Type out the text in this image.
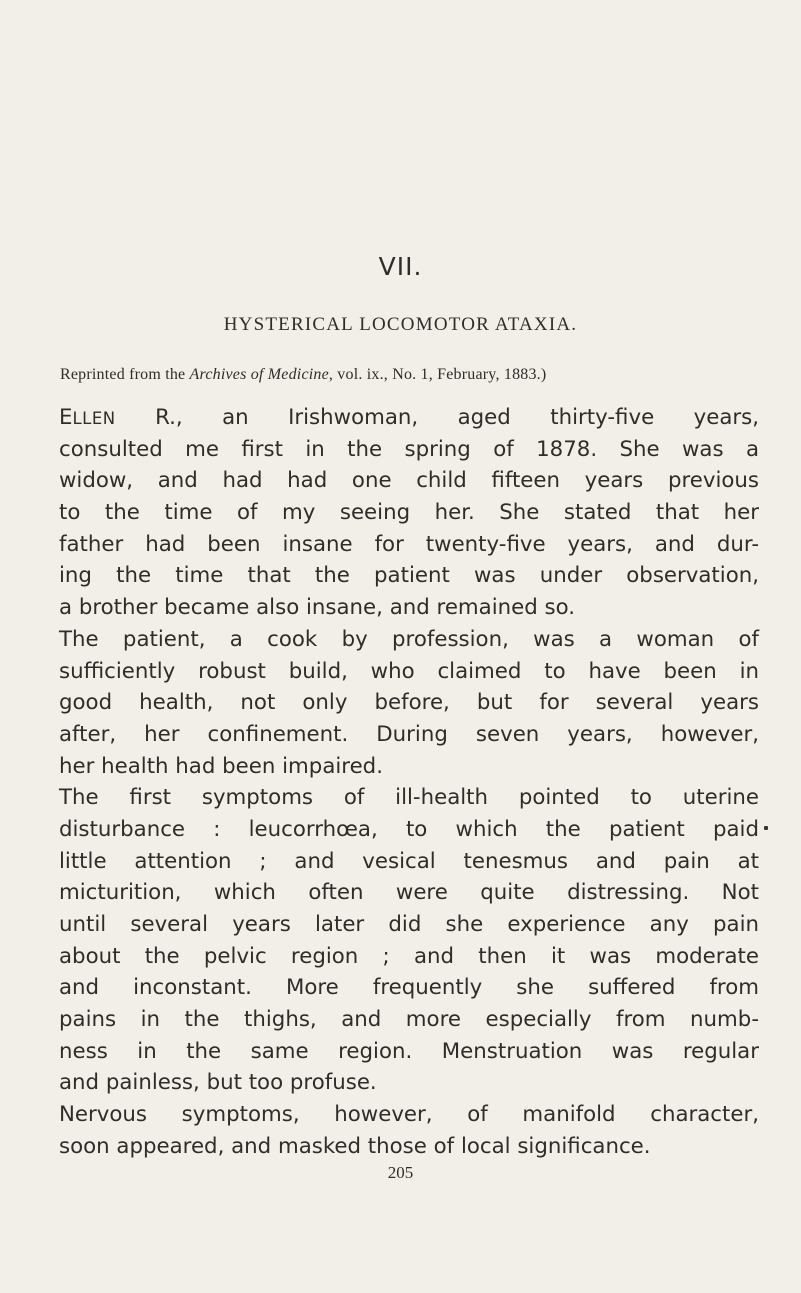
VII.
HYSTERICAL LOCOMOTOR ATAXIA.
Reprinted from the Archives of Medicine, vol. ix., No. 1, February, 1883.)
ELLEN R., an Irishwoman, aged thirty-five years,
consulted me first in the spring of 1878. She was a
widow, and had had one child fifteen years previous
to the time of my seeing her. She stated that her
father had been insane for twenty-five years, and dur-
ing the time that the patient was under observation,
a brother became also insane, and remained so.
The patient, a cook by profession, was a woman of
sufficiently robust build, who claimed to have been in
good health, not only before, but for several years
after, her confinement. During seven years, however,
her health had been impaired.
The first symptoms of ill-health pointed to uterine
disturbance : leucorrhœa, to which the patient paid
little attention ; and vesical tenesmus and pain at
micturition, which often were quite distressing. Not
until several years later did she experience any pain
about the pelvic region ; and then it was moderate
and inconstant. More frequently she suffered from
pains in the thighs, and more especially from numb-
ness in the same region. Menstruation was regular
and painless, but too profuse.
Nervous symptoms, however, of manifold character,
soon appeared, and masked those of local significance.
205
